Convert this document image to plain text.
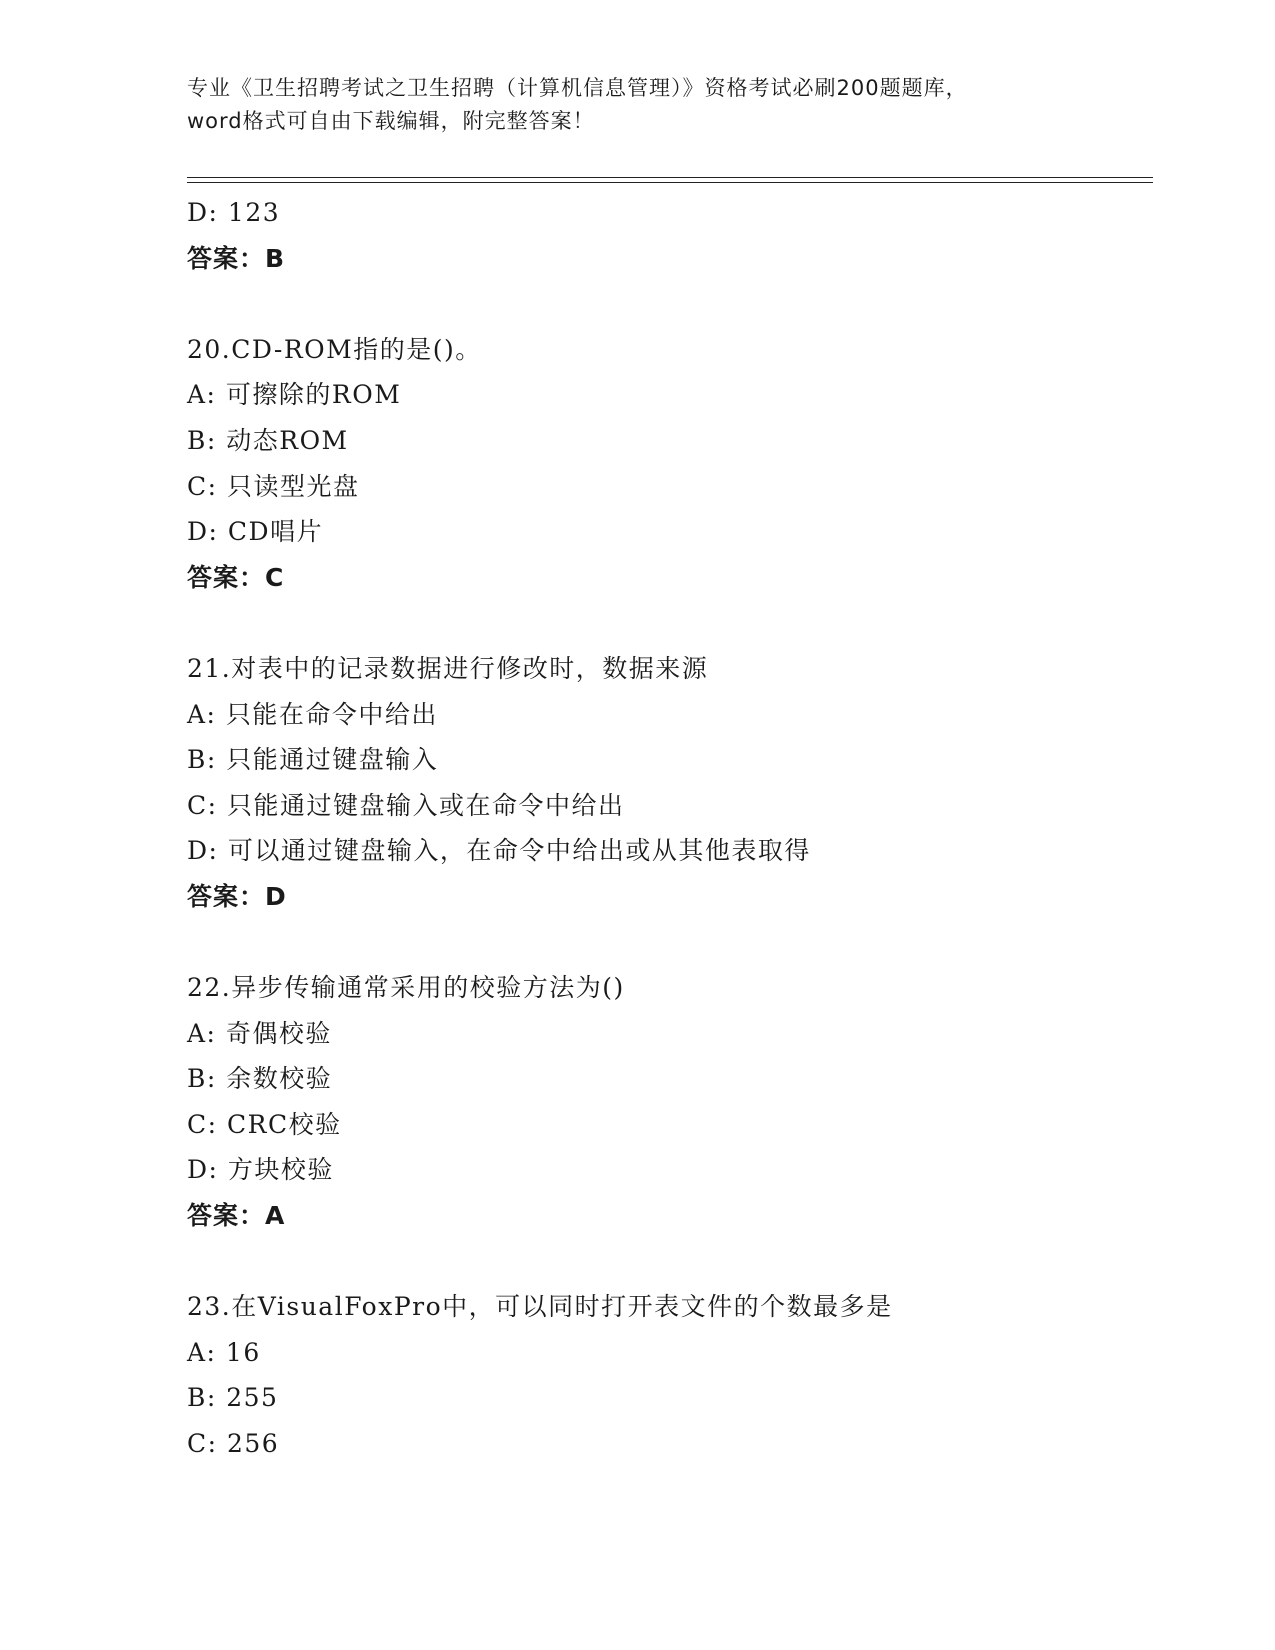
专业《卫生招聘考试之卫生招聘（计算机信息管理）》资格考试必刷200题题库，
word格式可自由下载编辑，附完整答案！
D: 123
答案：B
20.CD-ROM指的是()。
A: 可擦除的ROM
B: 动态ROM
C: 只读型光盘
D: CD唱片
答案：C
21.对表中的记录数据进行修改时，数据来源
A: 只能在命令中给出
B: 只能通过键盘输入
C: 只能通过键盘输入或在命令中给出
D: 可以通过键盘输入，在命令中给出或从其他表取得
答案：D
22.异步传输通常采用的校验方法为()
A: 奇偶校验
B: 余数校验
C: CRC校验
D: 方块校验
答案：A
23.在VisualFoxPro中，可以同时打开表文件的个数最多是
A: 16
B: 255
C: 256
